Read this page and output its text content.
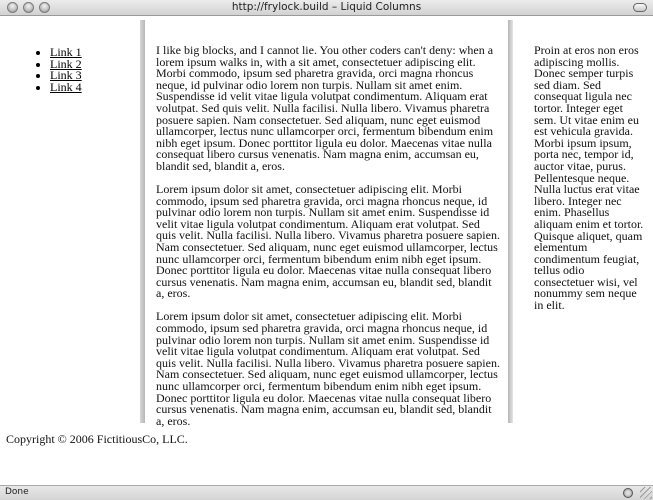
http://frylock.build – Liquid Columns
• Link 1
• Link 2
• Link 3
• Link 4

I like big blocks, and I cannot lie. You other coders can't deny: when a lorem ipsum walks in, with a sit amet, consectetuer adipiscing elit. Morbi commodo, ipsum sed pharetra gravida, orci magna rhoncus neque, id pulvinar odio lorem non turpis. Nullam sit amet enim. Suspendisse id velit vitae ligula volutpat condimentum. Aliquam erat volutpat. Sed quis velit. Nulla facilisi. Nulla libero. Vivamus pharetra posuere sapien. Nam consectetuer. Sed aliquam, nunc eget euismod ullamcorper, lectus nunc ullamcorper orci, fermentum bibendum enim nibh eget ipsum. Donec porttitor ligula eu dolor. Maecenas vitae nulla consequat libero cursus venenatis. Nam magna enim, accumsan eu, blandit sed, blandit a, eros.

Lorem ipsum dolor sit amet, consectetuer adipiscing elit. Morbi commodo, ipsum sed pharetra gravida, orci magna rhoncus neque, id pulvinar odio lorem non turpis. Nullam sit amet enim. Suspendisse id velit vitae ligula volutpat condimentum. Aliquam erat volutpat. Sed quis velit. Nulla facilisi. Nulla libero. Vivamus pharetra posuere sapien. Nam consectetuer. Sed aliquam, nunc eget euismod ullamcorper, lectus nunc ullamcorper orci, fermentum bibendum enim nibh eget ipsum. Donec porttitor ligula eu dolor. Maecenas vitae nulla consequat libero cursus venenatis. Nam magna enim, accumsan eu, blandit sed, blandit a, eros.

Lorem ipsum dolor sit amet, consectetuer adipiscing elit. Morbi commodo, ipsum sed pharetra gravida, orci magna rhoncus neque, id pulvinar odio lorem non turpis. Nullam sit amet enim. Suspendisse id velit vitae ligula volutpat condimentum. Aliquam erat volutpat. Sed quis velit. Nulla facilisi. Nulla libero. Vivamus pharetra posuere sapien. Nam consectetuer. Sed aliquam, nunc eget euismod ullamcorper, lectus nunc ullamcorper orci, fermentum bibendum enim nibh eget ipsum. Donec porttitor ligula eu dolor. Maecenas vitae nulla consequat libero cursus venenatis. Nam magna enim, accumsan eu, blandit sed, blandit a, eros.

Proin at eros non eros adipiscing mollis. Donec semper turpis sed diam. Sed consequat ligula nec tortor. Integer eget sem. Ut vitae enim eu est vehicula gravida. Morbi ipsum ipsum, porta nec, tempor id, auctor vitae, purus. Pellentesque neque. Nulla luctus erat vitae libero. Integer nec enim. Phasellus aliquam enim et tortor. Quisque aliquet, quam elementum condimentum feugiat, tellus odio consectetuer wisi, vel nonummy sem neque in elit.

Copyright © 2006 FictitiousCo, LLC.
Done
